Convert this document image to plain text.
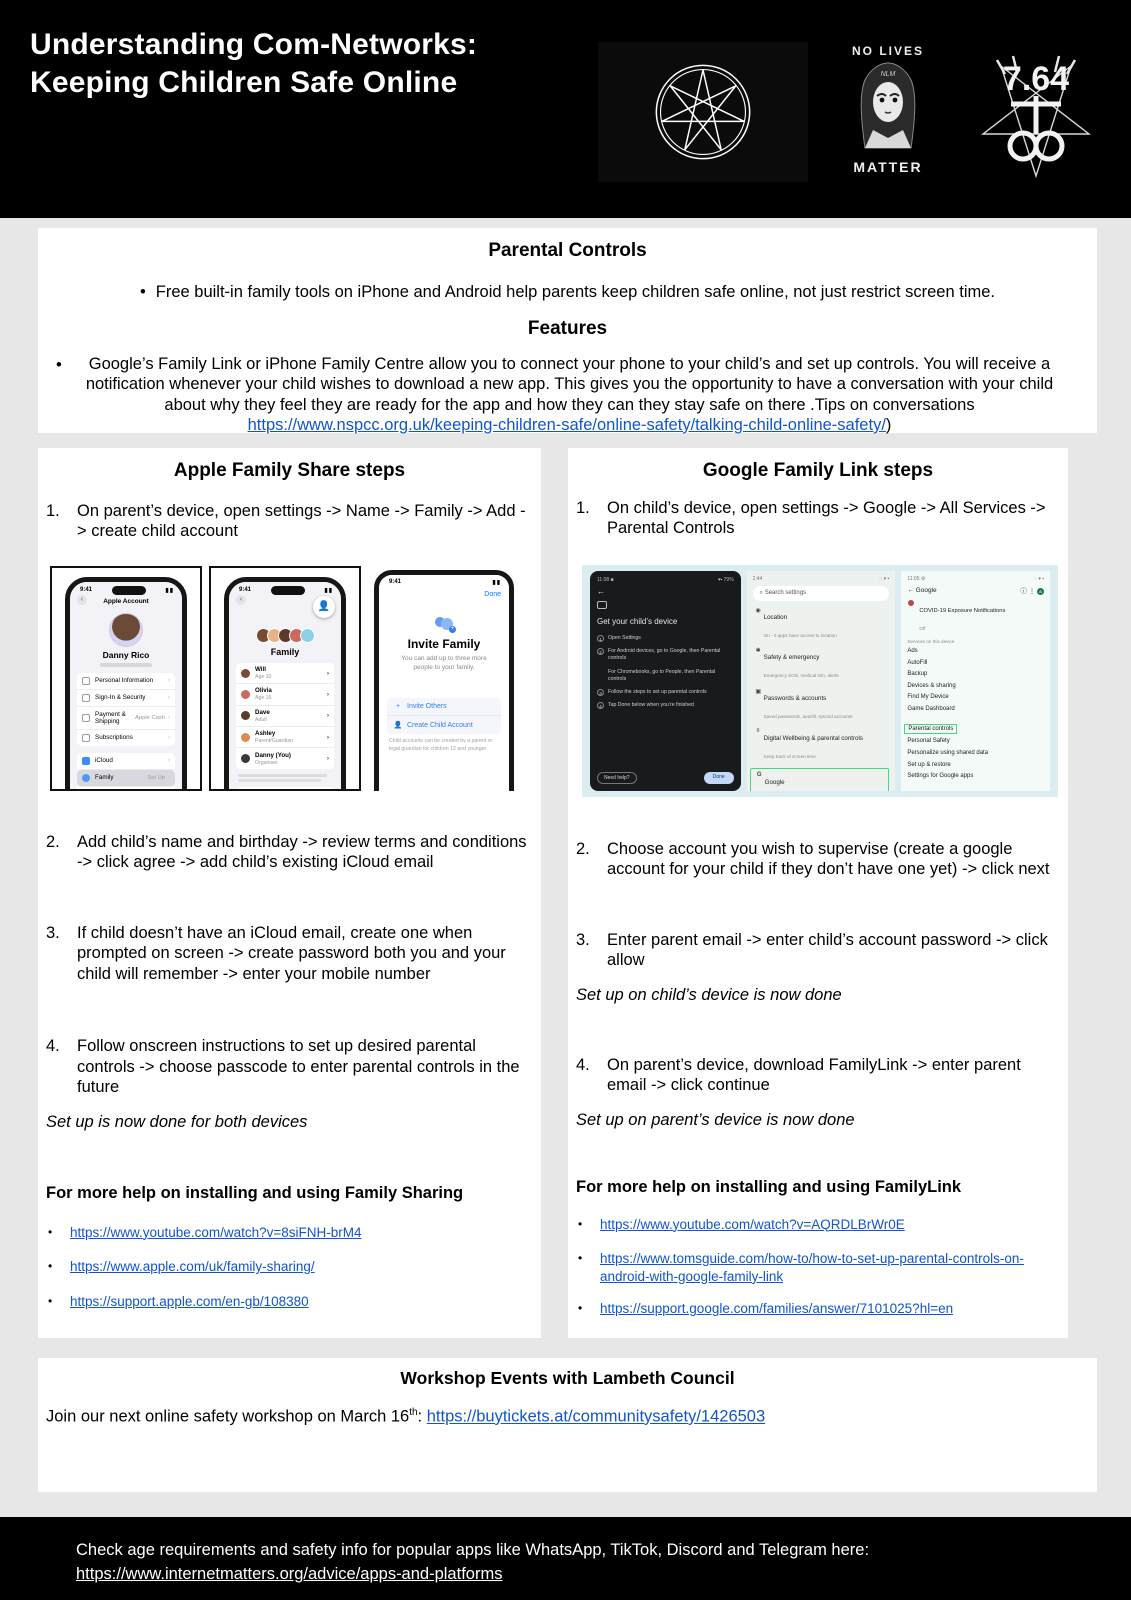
Understanding Com-Networks:
Keeping Children Safe Online
NO LIVES
NLM
MATTER
7.64
Parental Controls
• Free built-in family tools on iPhone and Android help parents keep children safe online, not just restrict screen time.
Features
• Google’s Family Link or iPhone Family Centre allow you to connect your phone to your child’s and set up controls. You will receive a notification whenever your child wishes to download a new app. This gives you the opportunity to have a conversation with your child about why they feel they are ready for the app and how they can they stay safe on there .Tips on conversations https://www.nspcc.org.uk/keeping-children-safe/online-safety/talking-child-online-safety/)
Apple Family Share steps
1.	On parent’s device, open settings -> Name -> Family -> Add -> create child account
9:41	▮▮
‹	Apple Account
Danny Rico
Personal Information	›
Sign-In & Security	›
Payment & Shipping	Apple Cash ›
Subscriptions	›
iCloud	›
Family	Set Up ›
9:41	▮▮
‹
👤
Family
Will
Age 10
›
Olivia
Age 16
›
Dave
Adult
›
Ashley
Parent/Guardian
›
Danny (You)
Organiser
›

9:41	▮▮
Done
+
Invite Family
You can add up to three more people to your family.
+ Invite Others
👤 Create Child Account
Child accounts can be created by a parent or legal guardian for children 12 and younger
2.	Add child’s name and birthday -> review terms and conditions -> click agree -> add child’s existing iCloud email
3.	If child doesn’t have an iCloud email, create one when prompted on screen -> create password both you and your child will remember -> enter your mobile number
4.	Follow onscreen instructions to set up desired parental controls -> choose passcode to enter parental controls in the future
Set up is now done for both devices
For more help on installing and using Family Sharing
•	https://www.youtube.com/watch?v=8siFNH-brM4
•	https://www.apple.com/uk/family-sharing/
•	https://support.apple.com/en-gb/108380
Google Family Link steps
1.	On child’s device, open settings -> Google -> All Services -> Parental Controls
11:08 ■	▾▪ 79%
←
Get your child’s device
1	Open Settings
2	For Android devices, go to Google, then Parental controls
For Chromebooks, go to People, then Parental controls
3	Follow the steps to set up parental controls
4	Tap Done below when you’re finished
Need help?	Done
2:44	◌ ▾ ▪
⌕ Search settings
◉
Location
On - 3 apps have access to location
✱
Safety & emergency
Emergency SOS, medical info, alerts
▣
Passwords & accounts
Saved passwords, autofill, synced accounts
୫
Digital Wellbeing & parental controls
Keep track of screen time
G
Google

11:05 ⚙	◌ ▾ ▪
← Google	ⓘ ⋮ a
COVID-19 Exposure Notifications
Off
Services on this device
Ads
AutoFill
Backup
Devices & sharing
Find My Device
Game Dashboard
Parental controls
Personal Safety
Personalize using shared data
Set up & restore
Settings for Google apps
2.	Choose account you wish to supervise (create a google account for your child if they don’t have one yet) -> click next
3.	Enter parent email -> enter child’s account password -> click allow
Set up on child’s device is now done
4.	On parent’s device, download FamilyLink -> enter parent email -> click continue
Set up on parent’s device is now done
For more help on installing and using FamilyLink
•	https://www.youtube.com/watch?v=AQRDLBrWr0E
•	https://www.tomsguide.com/how-to/how-to-set-up-parental-controls-on-android-with-google-family-link
•	https://support.google.com/families/answer/7101025?hl=en
Workshop Events with Lambeth Council
Join our next online safety workshop on March 16th: https://buytickets.at/communitysafety/1426503
Check age requirements and safety info for popular apps like WhatsApp, TikTok, Discord and Telegram here:
https://www.internetmatters.org/advice/apps-and-platforms
